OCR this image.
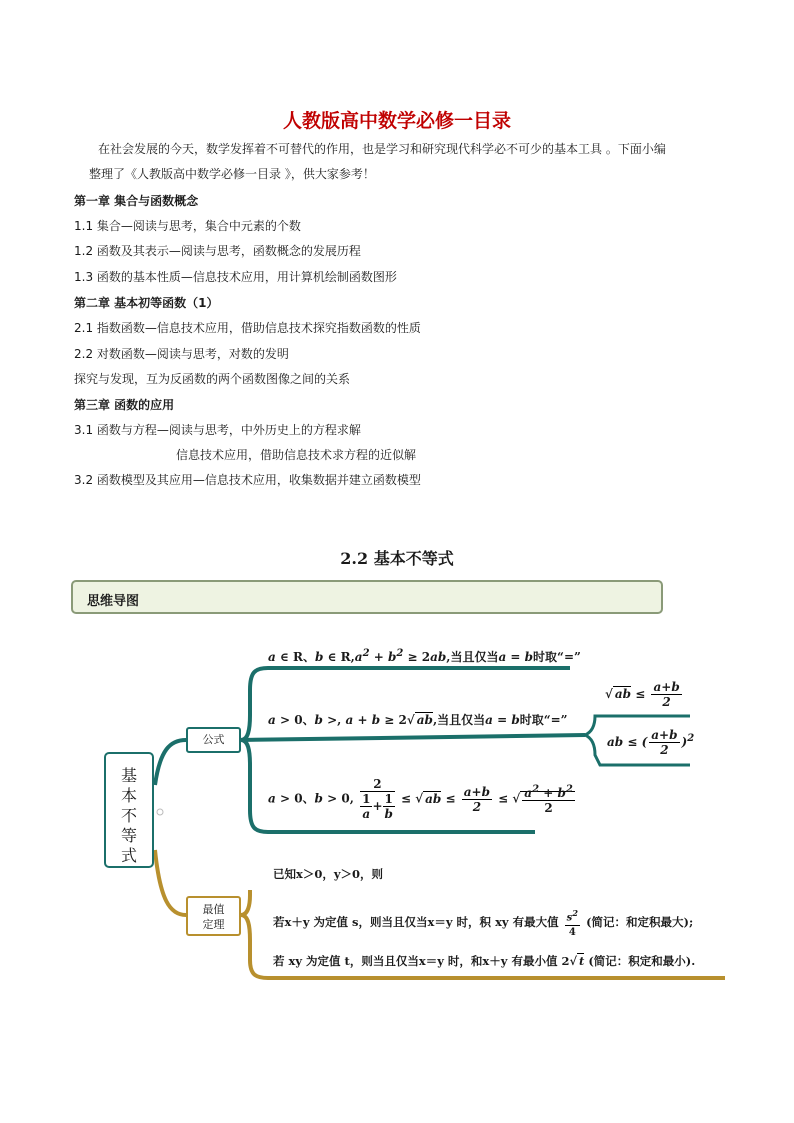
人教版高中数学必修一目录
在社会发展的今天，数学发挥着不可替代的作用，也是学习和研究现代科学必不可少的基本工具 。下面小编
整理了《人教版高中数学必修一目录 》，供大家参考！
第一章 集合与函数概念
1.1 集合—阅读与思考，集合中元素的个数
1.2 函数及其表示—阅读与思考，函数概念的发展历程
1.3 函数的基本性质—信息技术应用，用计算机绘制函数图形
第二章 基本初等函数（1）
2.1 指数函数—信息技术应用，借助信息技术探究指数函数的性质
2.2 对数函数—阅读与思考，对数的发明
探究与发现，互为反函数的两个函数图像之间的关系
第三章 函数的应用
3.1 函数与方程—阅读与思考，中外历史上的方程求解
信息技术应用，借助信息技术求方程的近似解
3.2 函数模型及其应用—信息技术应用，收集数据并建立函数模型
2.2 基本不等式
思维导图
基
本
不
等
式
公式
最值
定理
a ∈ R、b ∈ $R,a^2 + b^2 \ge 2ab$,当且仅当a = b时取“=”
a > 0、b >, a + b ≥ 2√ ab,当且仅当a = b时取“=”
√ ab ≤ $\frac{a+b}{2}$
ab ≤ ( $\frac{a+b}{2} )^2$
a > 0、b > 0, $\frac{2}{\frac{1}{a} + \frac{1}{b}}$ ≤ √ ab ≤ $\frac{a+b}{2}$ ≤ √ $\frac{a^2 + b^2}{2}$
已知x＞0，y＞0，则
若x＋y 为定值 s，则当且仅当x＝y 时，积 xy 有最大值 $\frac{s^2}{4}$ (简记：和定积最大);
若 xy 为定值 t，则当且仅当x＝y 时，和x＋y 有最小值 2√ t (简记：积定和最小).
